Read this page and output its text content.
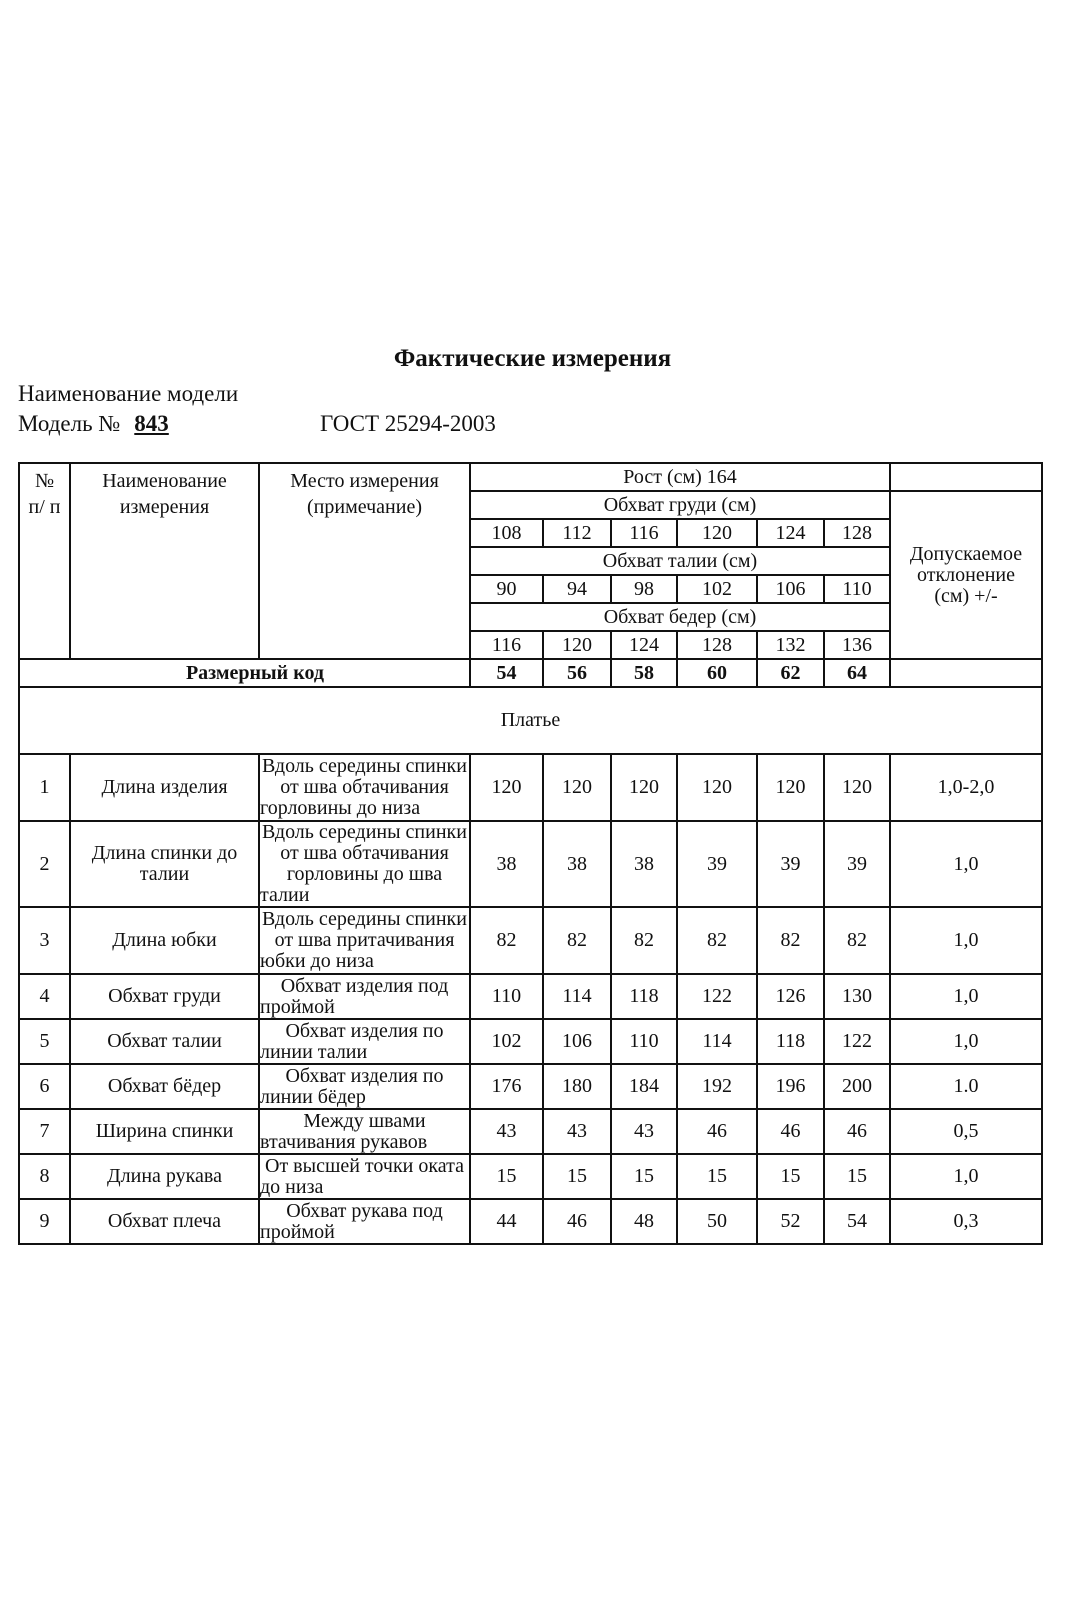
Фактические измерения
Наименование модели
Модель № 843	ГОСТ 25294-2003
№ п/ п	Наименование измерения	Место измерения (примечание)	Рост (см) 164						
			Обхват груди (см)						Допускаемое отклонение (см) +/-
			108	112	116	120	124	128	
			Обхват талии (см)						
			90	94	98	102	106	110	
			Обхват бедер (см)						
			116	120	124	128	132	136	
Размерный код			54	56	58	60	62	64	
Платье									
1	Длина изделия	Вдоль середины спинки от шва обтачивания горловины до низа	120	120	120	120	120	120	1,0-2,0
2	Длина спинки до талии	Вдоль середины спинки от шва обтачивания горловины до шва талии	38	38	38	39	39	39	1,0
3	Длина юбки	Вдоль середины спинки от шва притачивания юбки до низа	82	82	82	82	82	82	1,0
4	Обхват груди	Обхват изделия под проймой	110	114	118	122	126	130	1,0
5	Обхват талии	Обхват изделия по линии талии	102	106	110	114	118	122	1,0
6	Обхват бёдер	Обхват изделия по линии бёдер	176	180	184	192	196	200	1.0
7	Ширина спинки	Между швами втачивания рукавов	43	43	43	46	46	46	0,5
8	Длина рукава	От высшей точки оката до низа	15	15	15	15	15	15	1,0
9	Обхват плеча	Обхват рукава под проймой	44	46	48	50	52	54	0,3
